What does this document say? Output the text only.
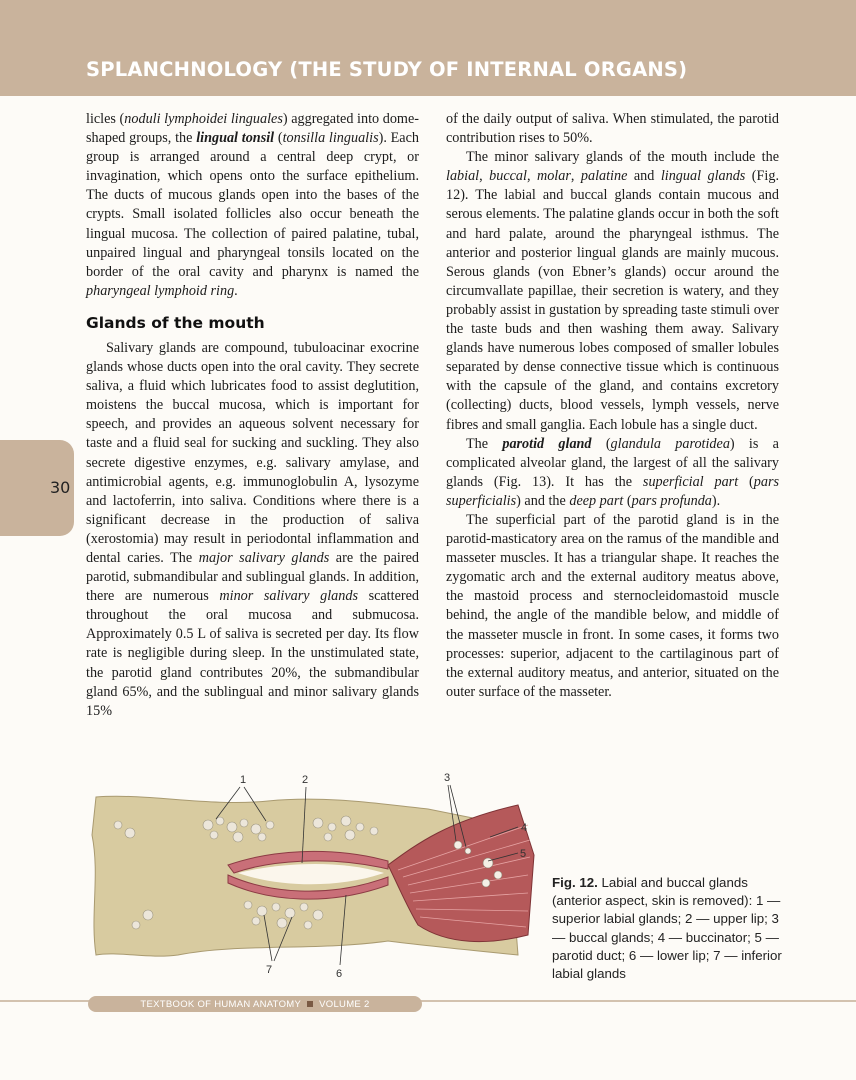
SPLANCHNOLOGY (THE STUDY OF INTERNAL ORGANS)
30

licles (noduli lymphoidei linguales) aggregated into dome-shaped groups, the lingual tonsil (tonsilla lingualis). Each group is arranged around a central deep crypt, or invagination, which opens onto the surface epithelium. The ducts of mucous glands open into the bases of the crypts. Small isolated follicles also occur beneath the lingual mucosa. The collection of paired palatine, tubal, unpaired lingual and pharyngeal tonsils located on the border of the oral cavity and pharynx is named the pharyngeal lymphoid ring.

Glands of the mouth

Salivary glands are compound, tubuloacinar exocrine glands whose ducts open into the oral cavity. They secrete saliva, a fluid which lubricates food to assist deglutition, moistens the buccal mucosa, which is important for speech, and provides an aqueous solvent necessary for taste and a fluid seal for sucking and suckling. They also secrete digestive enzymes, e.g. salivary amylase, and antimicrobial agents, e.g. immunoglobulin A, lysozyme and lactoferrin, into saliva. Conditions where there is a significant decrease in the production of saliva (xerostomia) may result in periodontal inflammation and dental caries. The major salivary glands are the paired parotid, submandibular and sublingual glands. In addition, there are numerous minor salivary glands scattered throughout the oral mucosa and submucosa. Approximately 0.5 L of saliva is secreted per day. Its flow rate is negligible during sleep. In the unstimulated state, the parotid gland contributes 20%, the submandibular gland 65%, and the sublingual and minor salivary glands 15%

of the daily output of saliva. When stimulated, the parotid contribution rises to 50%.

The minor salivary glands of the mouth include the labial, buccal, molar, palatine and lingual glands (Fig. 12). The labial and buccal glands contain mucous and serous elements. The palatine glands occur in both the soft and hard palate, around the pharyngeal isthmus. The anterior and posterior lingual glands are mainly mucous. Serous glands (von Ebner’s glands) occur around the circumvallate papillae, their secretion is watery, and they probably assist in gustation by spreading taste stimuli over the taste buds and then washing them away. Salivary glands have numerous lobes composed of smaller lobules separated by dense connective tissue which is continuous with the capsule of the gland, and contains excretory (collecting) ducts, blood vessels, lymph vessels, nerve fibres and small ganglia. Each lobule has a single duct.

The parotid gland (glandula parotidea) is a complicated alveolar gland, the largest of all the salivary glands (Fig. 13). It has the superficial part (pars superficialis) and the deep part (pars profunda).

The superficial part of the parotid gland is in the parotid-masticatory area on the ramus of the mandible and masseter muscles. It has a triangular shape. It reaches the zygomatic arch and the external auditory meatus above, the mastoid process and sternocleidomastoid muscle behind, the angle of the mandible below, and middle of the masseter muscle in front. In some cases, it forms two processes: superior, adjacent to the cartilaginous part of the external auditory meatus, and anterior, situated on the outer surface of the masseter.

1	2	3
4
5
6
7
Fig. 12. Labial and buccal glands (anterior aspect, skin is removed): 1 — superior labial glands; 2 — upper lip; 3 — buccal glands; 4 — buccinator; 5 — parotid duct; 6 — lower lip; 7 — inferior labial glands
TEXTBOOK OF HUMAN ANATOMY VOLUME 2
